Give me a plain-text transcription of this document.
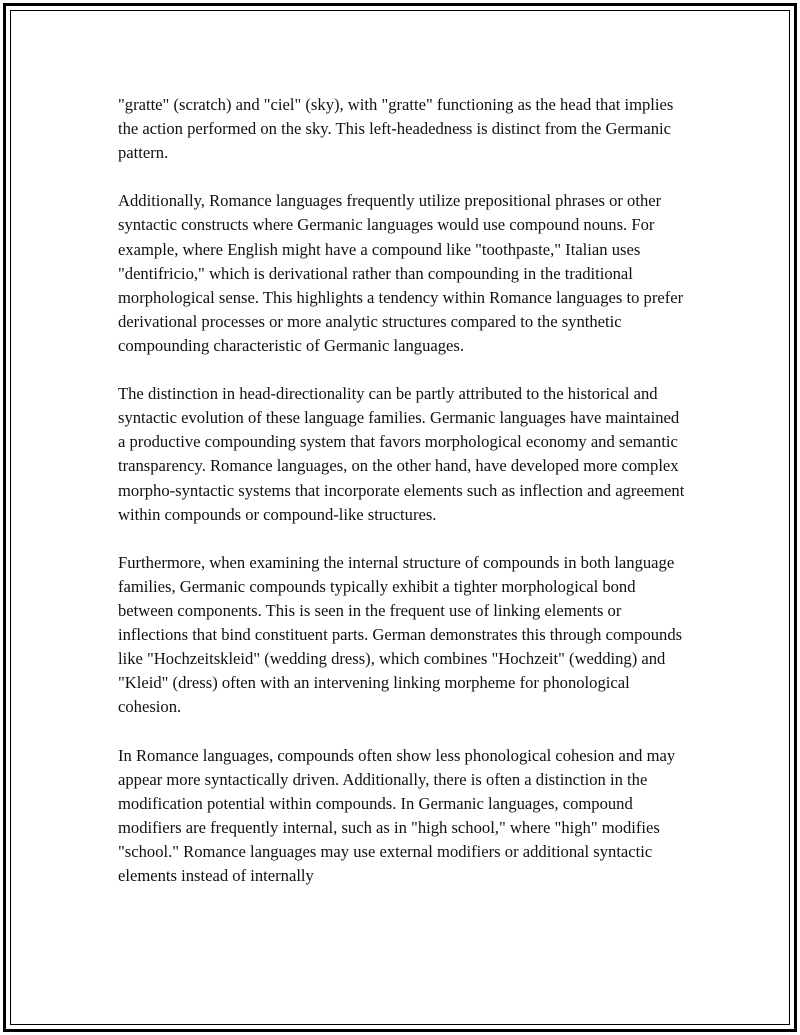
"gratte" (scratch) and "ciel" (sky), with "gratte" functioning as the head that implies the action performed on the sky. This left-headedness is distinct from the Germanic pattern.

Additionally, Romance languages frequently utilize prepositional phrases or other syntactic constructs where Germanic languages would use compound nouns. For example, where English might have a compound like "toothpaste," Italian uses "dentifricio," which is derivational rather than compounding in the traditional morphological sense. This highlights a tendency within Romance languages to prefer derivational processes or more analytic structures compared to the synthetic compounding characteristic of Germanic languages.

The distinction in head-directionality can be partly attributed to the historical and syntactic evolution of these language families. Germanic languages have maintained a productive compounding system that favors morphological economy and semantic transparency. Romance languages, on the other hand, have developed more complex morpho-syntactic systems that incorporate elements such as inflection and agreement within compounds or compound-like structures.

Furthermore, when examining the internal structure of compounds in both language families, Germanic compounds typically exhibit a tighter morphological bond between components. This is seen in the frequent use of linking elements or inflections that bind constituent parts. German demonstrates this through compounds like "Hochzeitskleid" (wedding dress), which combines "Hochzeit" (wedding) and "Kleid" (dress) often with an intervening linking morpheme for phonological cohesion.

In Romance languages, compounds often show less phonological cohesion and may appear more syntactically driven. Additionally, there is often a distinction in the modification potential within compounds. In Germanic languages, compound modifiers are frequently internal, such as in "high school," where "high" modifies "school." Romance languages may use external modifiers or additional syntactic elements instead of internally
